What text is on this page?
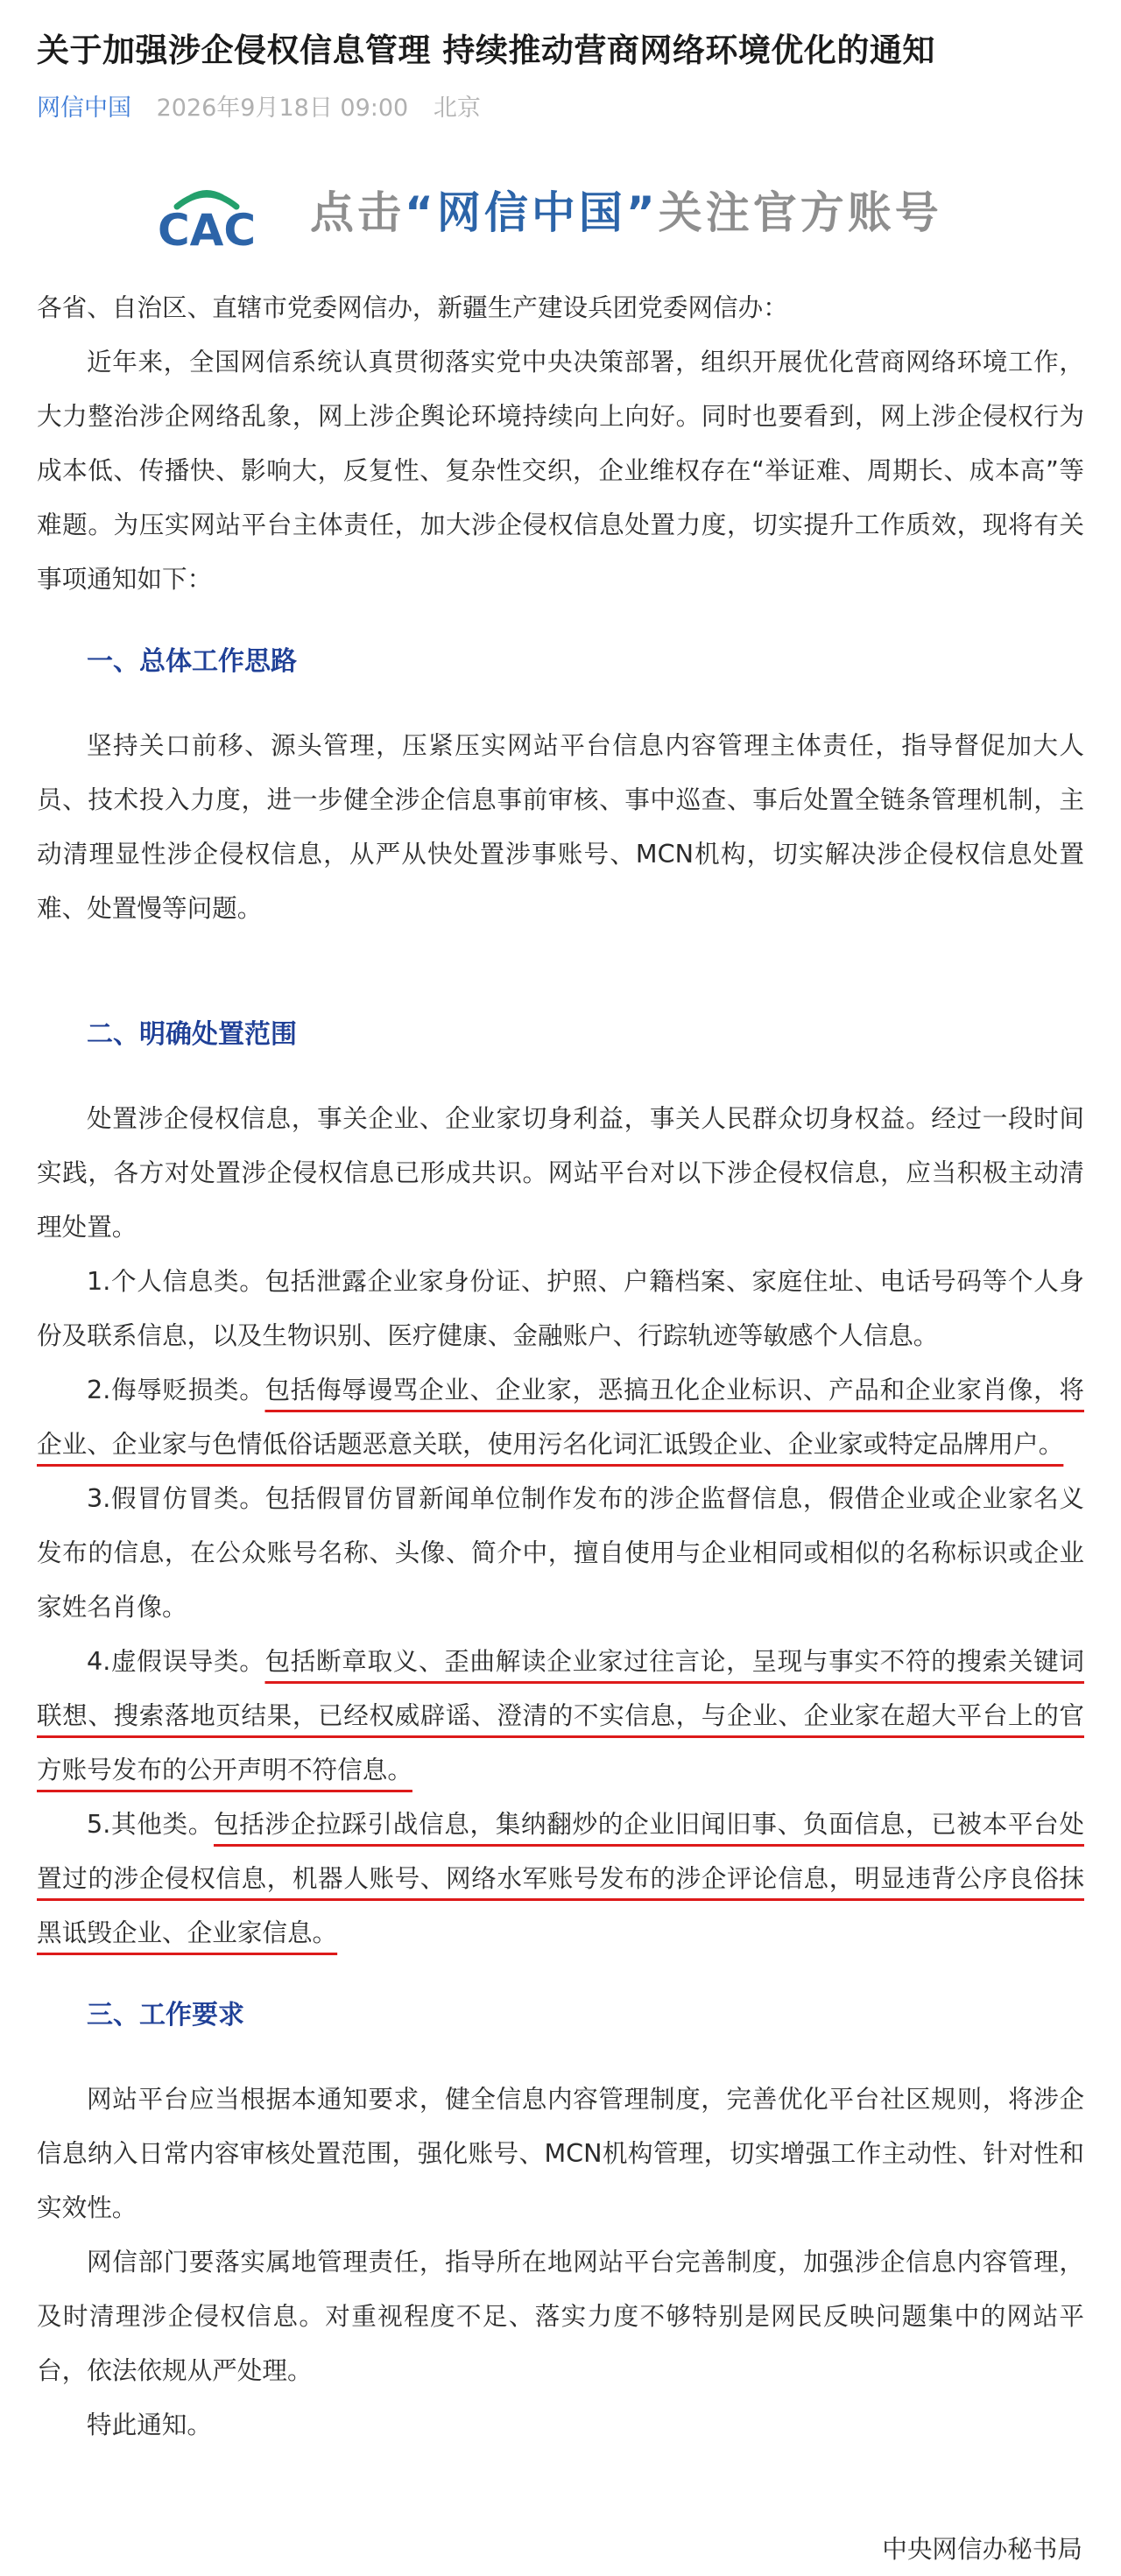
关于加强涉企侵权信息管理 持续推动营商网络环境优化的通知
网信中国 2026年9月18日 09:00 北京
CAC 点击“网信中国”关注官方账号

各省、自治区、直辖市党委网信办，新疆生产建设兵团党委网信办：

近年来，全国网信系统认真贯彻落实党中央决策部署，组织开展优化营商网络环境工作，大力整治涉企网络乱象，网上涉企舆论环境持续向上向好。同时也要看到，网上涉企侵权行为成本低、传播快、影响大，反复性、复杂性交织，企业维权存在“举证难、周期长、成本高”等难题。为压实网站平台主体责任，加大涉企侵权信息处置力度，切实提升工作质效，现将有关事项通知如下：

一、总体工作思路

坚持关口前移、源头管理，压紧压实网站平台信息内容管理主体责任，指导督促加大人员、技术投入力度，进一步健全涉企信息事前审核、事中巡查、事后处置全链条管理机制，主动清理显性涉企侵权信息，从严从快处置涉事账号、MCN机构，切实解决涉企侵权信息处置难、处置慢等问题。

二、明确处置范围

处置涉企侵权信息，事关企业、企业家切身利益，事关人民群众切身权益。经过一段时间实践，各方对处置涉企侵权信息已形成共识。网站平台对以下涉企侵权信息，应当积极主动清理处置。

1.个人信息类。包括泄露企业家身份证、护照、户籍档案、家庭住址、电话号码等个人身份及联系信息，以及生物识别、医疗健康、金融账户、行踪轨迹等敏感个人信息。

2.侮辱贬损类。包括侮辱谩骂企业、企业家，恶搞丑化企业标识、产品和企业家肖像，将企业、企业家与色情低俗话题恶意关联，使用污名化词汇诋毁企业、企业家或特定品牌用户。

3.假冒仿冒类。包括假冒仿冒新闻单位制作发布的涉企监督信息，假借企业或企业家名义发布的信息，在公众账号名称、头像、简介中，擅自使用与企业相同或相似的名称标识或企业家姓名肖像。

4.虚假误导类。包括断章取义、歪曲解读企业家过往言论，呈现与事实不符的搜索关键词联想、搜索落地页结果，已经权威辟谣、澄清的不实信息，与企业、企业家在超大平台上的官方账号发布的公开声明不符信息。

5.其他类。包括涉企拉踩引战信息，集纳翻炒的企业旧闻旧事、负面信息，已被本平台处置过的涉企侵权信息，机器人账号、网络水军账号发布的涉企评论信息，明显违背公序良俗抹黑诋毁企业、企业家信息。

三、工作要求

网站平台应当根据本通知要求，健全信息内容管理制度，完善优化平台社区规则，将涉企信息纳入日常内容审核处置范围，强化账号、MCN机构管理，切实增强工作主动性、针对性和实效性。

网信部门要落实属地管理责任，指导所在地网站平台完善制度，加强涉企信息内容管理，及时清理涉企侵权信息。对重视程度不足、落实力度不够特别是网民反映问题集中的网站平台，依法依规从严处理。

特此通知。

中央网信办秘书局
